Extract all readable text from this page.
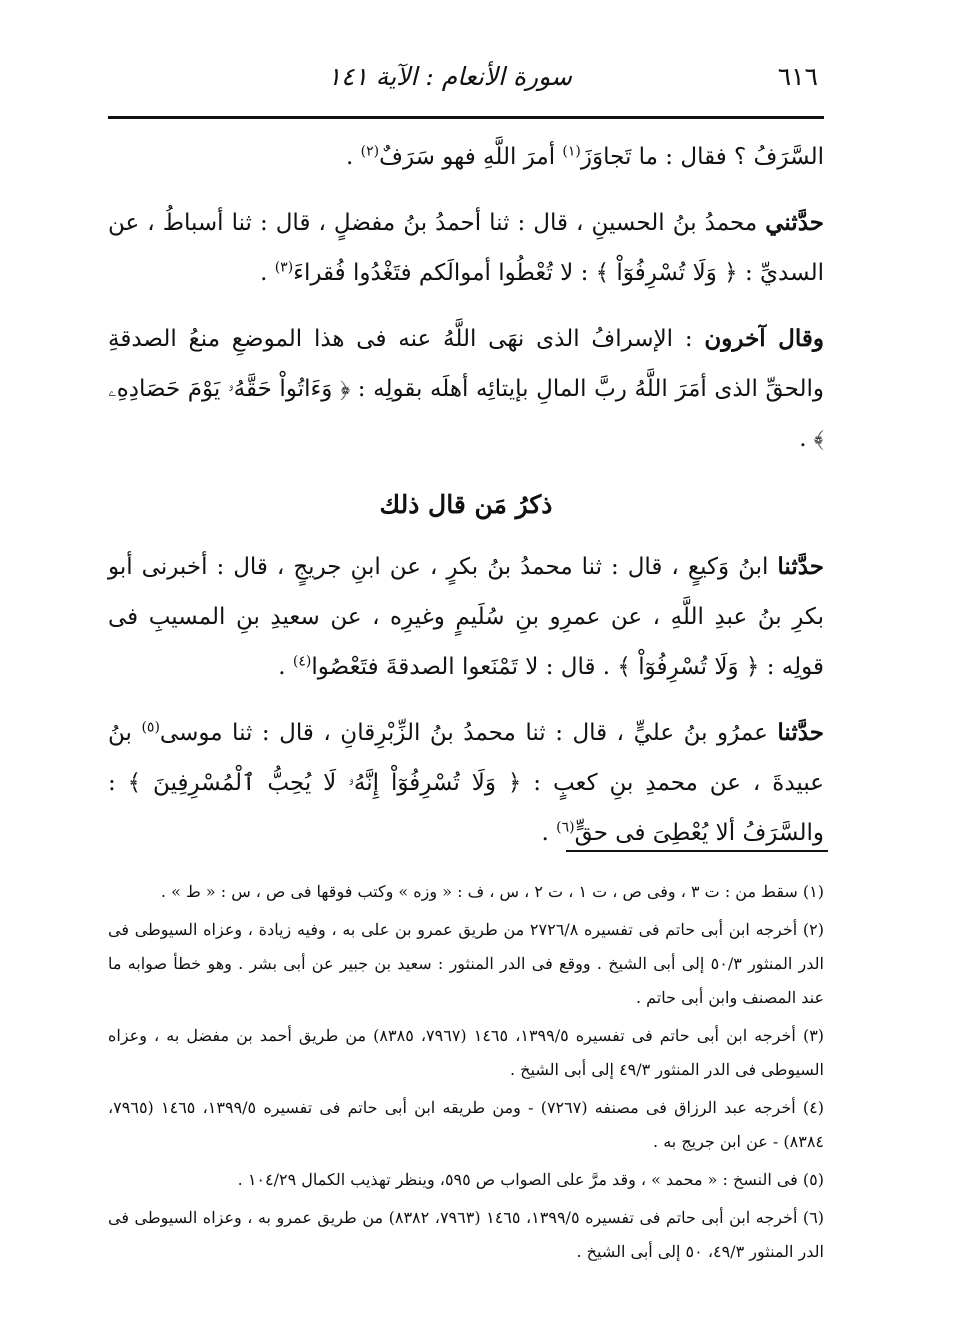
٦١٦
سورة الأنعام : الآية ١٤١

السَّرَفُ ؟ فقال : ما تَجاوَزَ$^{(١)}$ أمرَ اللَّهِ فهو سَرَفٌ$^{(٢)}$ .

حدَّثني محمدُ بنُ الحسينِ ، قال : ثنا أحمدُ بنُ مفضلٍ ، قال : ثنا أسباطُ ، عن السديِّ : ﴿ وَلَا تُسْرِفُوٓاْ ﴾ : لا تُعْطُوا أموالَكم فتَغْدُوا فُقراءَ$^{(٣)}$ .

وقال آخرون : الإسرافُ الذى نهَى اللَّهُ عنه فى هذا الموضعِ منعُ الصدقةِ والحقِّ الذى أمَرَ اللَّهُ ربَّ المالِ بإيتائِه أهلَه بقولِه : ﴿ وَءَاتُواْ حَقَّهُۥ يَوْمَ حَصَادِهِۦ ﴾ .

ذكرُ مَن قال ذلك

حدَّثنا ابنُ وَكيعٍ ، قال : ثنا محمدُ بنُ بكرٍ ، عن ابنِ جريجٍ ، قال : أخبرنى أبو بكرِ بنُ عبدِ اللَّهِ ، عن عمرِو بنِ سُلَيمٍ وغيرِه ، عن سعيدِ بنِ المسيبِ فى قولِه : ﴿ وَلَا تُسْرِفُوٓاْ ﴾ . قال : لا تَمْنَعوا الصدقةَ فتَعْصُوا$^{(٤)}$ .

حدَّثنا عمرُو بنُ عليٍّ ، قال : ثنا محمدُ بنُ الزِّبْرِقانِ ، قال : ثنا موسى$^{(٥)}$ بنُ عبيدةَ ، عن محمدِ بنِ كعبٍ : ﴿ وَلَا تُسْرِفُوٓاْ إِنَّهُۥ لَا يُحِبُّ ٱلْمُسْرِفِينَ ﴾ : والسَّرَفُ ألا يُعْطِىَ فى حقٍّ$^{(٦)}$ .

(١) سقط من : ت ٣ ، وفى ص ، ت ١ ، ت ٢ ، س ، ف : « وزه » وكتب فوقها فى ص ، س : « ط » .

(٢) أخرجه ابن أبى حاتم فى تفسيره ٢٧٢٦/٨ من طريق عمرو بن على به ، وفيه زيادة ، وعزاه السيوطى فى الدر المنثور ٥٠/٣ إلى أبى الشيخ . ووقع فى الدر المنثور : سعيد بن جبير عن أبى بشر . وهو خطأ صوابه ما عند المصنف وابن أبى حاتم .

(٣) أخرجه ابن أبى حاتم فى تفسيره ١٣٩٩/٥، ١٤٦٥ (٧٩٦٧، ٨٣٨٥) من طريق أحمد بن مفضل به ، وعزاه السيوطى فى الدر المنثور ٤٩/٣ إلى أبى الشيخ .

(٤) أخرجه عبد الرزاق فى مصنفه (٧٢٦٧) - ومن طريقه ابن أبى حاتم فى تفسيره ١٣٩٩/٥، ١٤٦٥ (٧٩٦٥، ٨٣٨٤) - عن ابن جريج به .

(٥) فى النسخ : « محمد » ، وقد مرَّ على الصواب ص ٥٩٥، وينظر تهذيب الكمال ١٠٤/٢٩ .

(٦) أخرجه ابن أبى حاتم فى تفسيره ١٣٩٩/٥، ١٤٦٥ (٧٩٦٣، ٨٣٨٢) من طريق عمرو به ، وعزاه السيوطى فى الدر المنثور ٤٩/٣، ٥٠ إلى أبى الشيخ .
